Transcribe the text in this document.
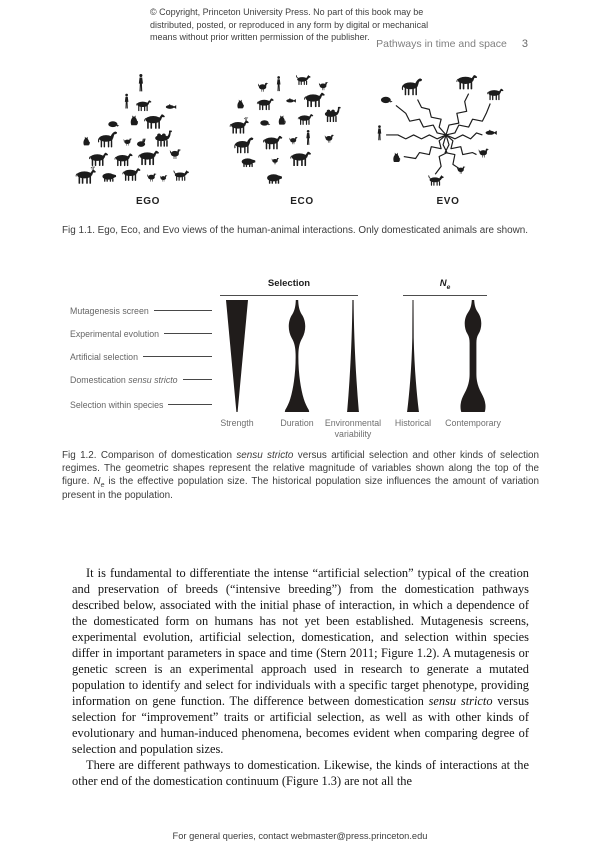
© Copyright, Princeton University Press. No part of this book may be
distributed, posted, or reproduced in any form by digital or mechanical
means without prior written permission of the publisher.
Pathways in time and space 3
EGO	ECO	EVO
Fig 1.1. Ego, Eco, and Evo views of the human-animal interactions. Only domesticated animals are shown.
Selection	$N_e$
Mutagenesis screen
Experimental evolution
Artificial selection
Domestication sensu stricto
Selection within species
Strength	Duration	Environmental variability
Historical	Contemporary
Fig 1.2. Comparison of domestication sensu stricto versus artificial selection and other kinds of selection regimes. The geometric shapes represent the relative magnitude of variables shown along the top of the figure. $N_e$ is the effective population size. The historical population size influences the amount of variation present in the population.

It is fundamental to differentiate the intense “artificial selection” typical of the creation and preservation of breeds (“intensive breeding”) from the domestication pathways described below, associated with the initial phase of interaction, in which a dependence of the domesticated form on humans has not yet been established. Mutagenesis screens, experimental evolution, artificial selection, domestication, and selection within species differ in important parameters in space and time (Stern 2011; Figure 1.2). A mutagenesis or genetic screen is an experimental approach used in research to generate a mutated population to identify and select for individuals with a specific target phenotype, providing information on gene function. The difference between domestication sensu stricto versus selection for “improvement” traits or artificial selection, as well as with other kinds of evolutionary and human-induced phenomena, becomes evident when comparing degree of selection and population sizes.

There are different pathways to domestication. Likewise, the kinds of interactions at the other end of the domestication continuum (Figure 1.3) are not all the

For general queries, contact webmaster@press.princeton.edu
